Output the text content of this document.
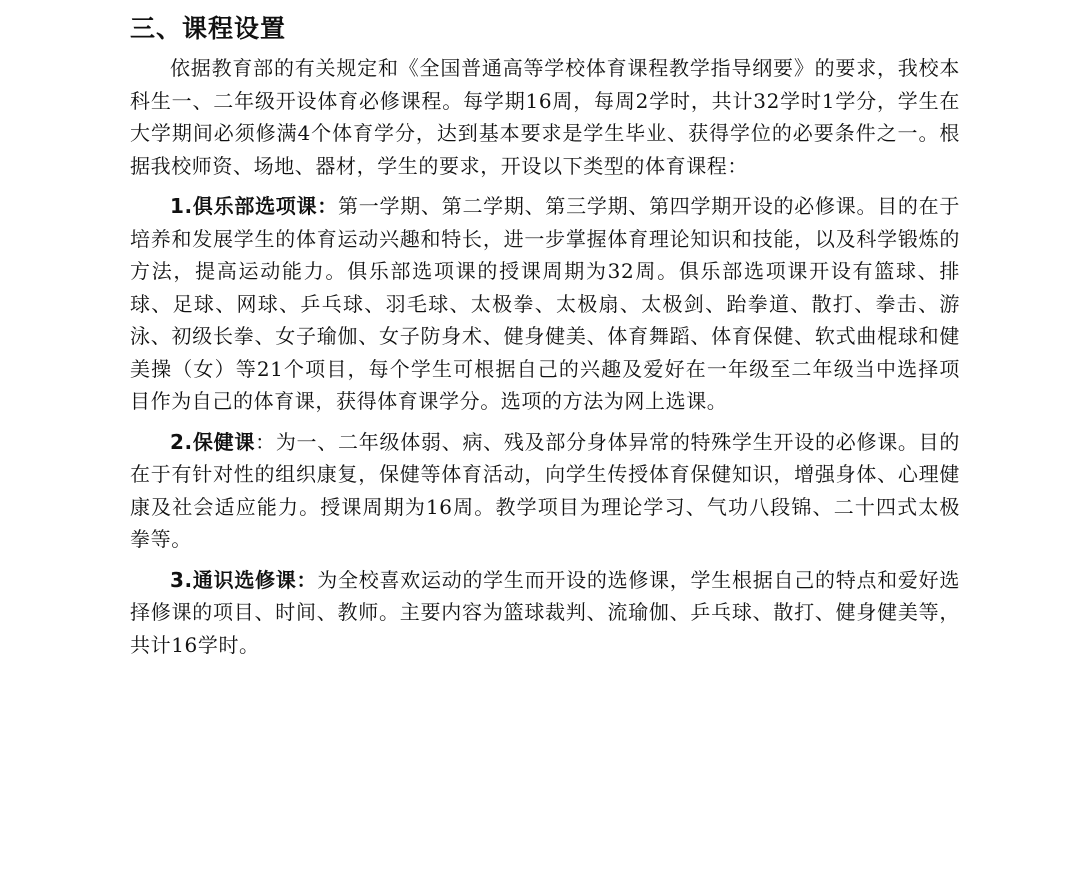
三、课程设置

依据教育部的有关规定和《全国普通高等学校体育课程教学指导纲要》的要求，我校本科生一、二年级开设体育必修课程。每学期16周，每周2学时，共计32学时1学分，学生在大学期间必须修满4个体育学分，达到基本要求是学生毕业、获得学位的必要条件之一。根据我校师资、场地、器材，学生的要求，开设以下类型的体育课程：

1.俱乐部选项课：第一学期、第二学期、第三学期、第四学期开设的必修课。目的在于培养和发展学生的体育运动兴趣和特长，进一步掌握体育理论知识和技能，以及科学锻炼的方法，提高运动能力。俱乐部选项课的授课周期为32周。俱乐部选项课开设有篮球、排球、足球、网球、乒乓球、羽毛球、太极拳、太极扇、太极剑、跆拳道、散打、拳击、游泳、初级长拳、女子瑜伽、女子防身术、健身健美、体育舞蹈、体育保健、软式曲棍球和健美操（女）等21个项目，每个学生可根据自己的兴趣及爱好在一年级至二年级当中选择项目作为自己的体育课，获得体育课学分。选项的方法为网上选课。

2.保健课：为一、二年级体弱、病、残及部分身体异常的特殊学生开设的必修课。目的在于有针对性的组织康复，保健等体育活动，向学生传授体育保健知识，增强身体、心理健康及社会适应能力。授课周期为16周。教学项目为理论学习、气功八段锦、二十四式太极拳等。

3.通识选修课：为全校喜欢运动的学生而开设的选修课，学生根据自己的特点和爱好选择修课的项目、时间、教师。主要内容为篮球裁判、流瑜伽、乒乓球、散打、健身健美等，共计16学时。
